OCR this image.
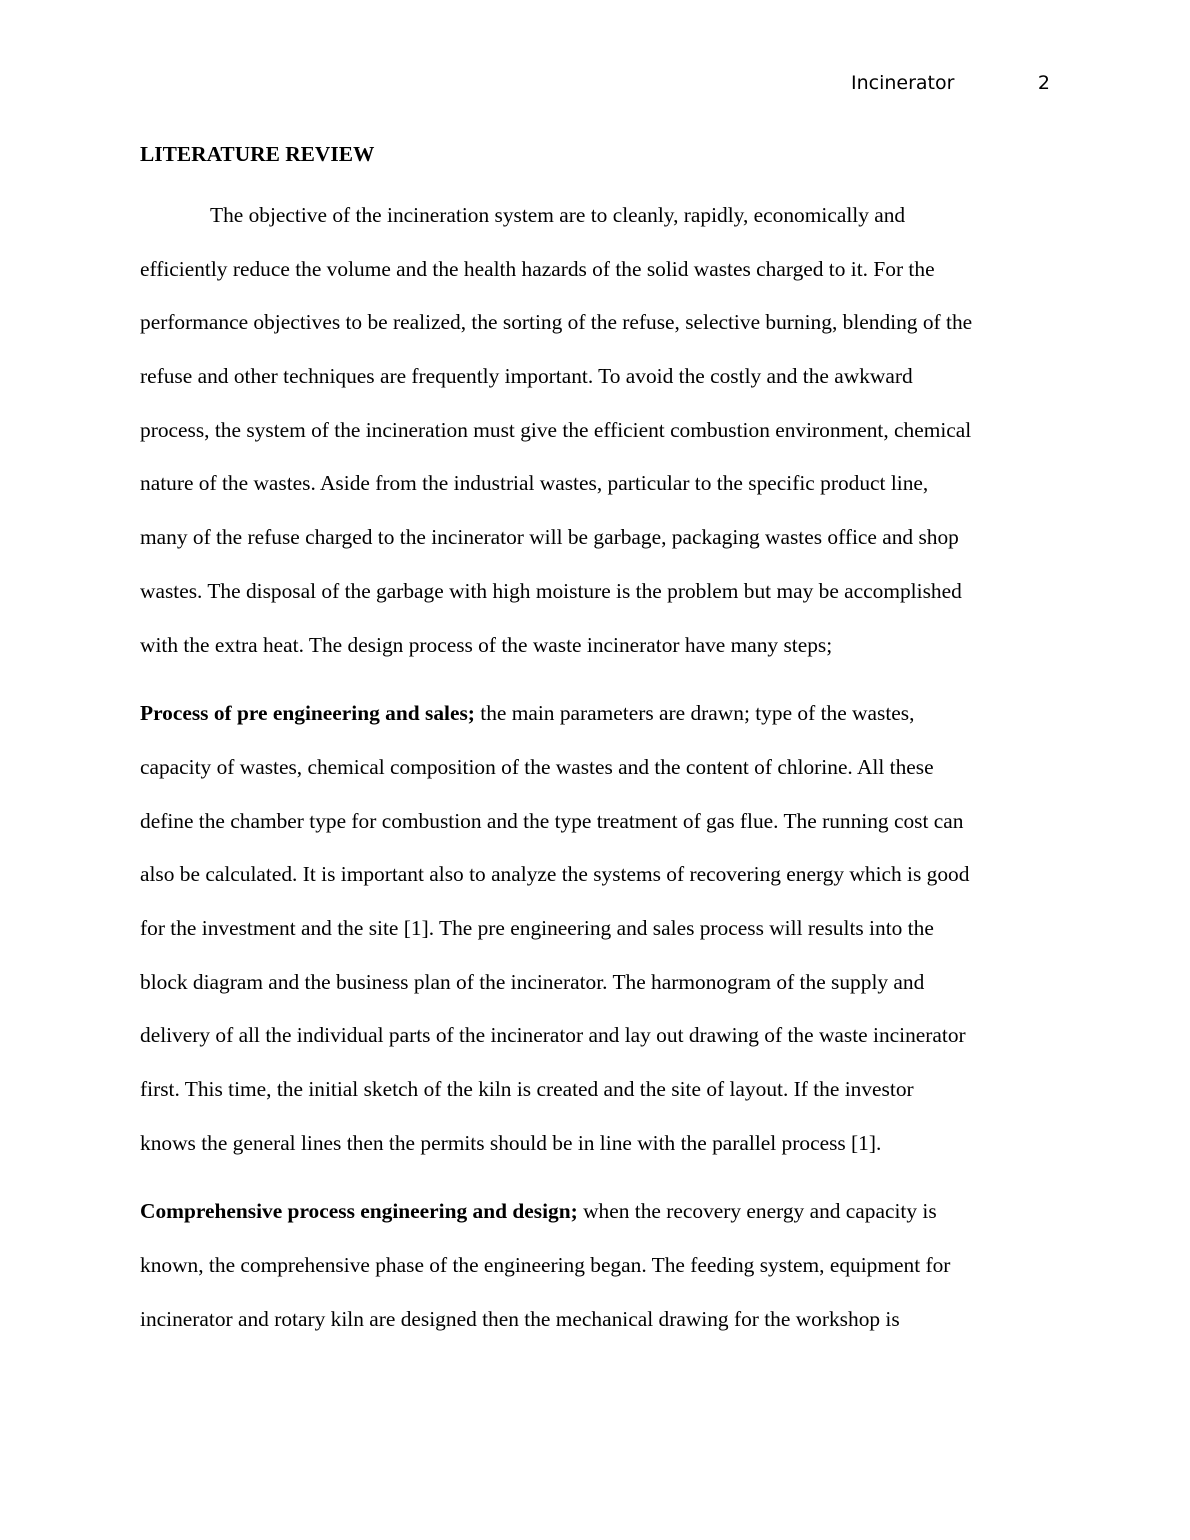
Incinerator	2
LITERATURE REVIEW
The objective of the incineration system are to cleanly, rapidly, economically and
efficiently reduce the volume and the health hazards of the solid wastes charged to it. For the
performance objectives to be realized, the sorting of the refuse, selective burning, blending of the
refuse and other techniques are frequently important. To avoid the costly and the awkward
process, the system of the incineration must give the efficient combustion environment, chemical
nature of the wastes. Aside from the industrial wastes, particular to the specific product line,
many of the refuse charged to the incinerator will be garbage, packaging wastes office and shop
wastes. The disposal of the garbage with high moisture is the problem but may be accomplished
with the extra heat. The design process of the waste incinerator have many steps;
Process of pre engineering and sales; the main parameters are drawn; type of the wastes,
capacity of wastes, chemical composition of the wastes and the content of chlorine. All these
define the chamber type for combustion and the type treatment of gas flue. The running cost can
also be calculated. It is important also to analyze the systems of recovering energy which is good
for the investment and the site [1]. The pre engineering and sales process will results into the
block diagram and the business plan of the incinerator. The harmonogram of the supply and
delivery of all the individual parts of the incinerator and lay out drawing of the waste incinerator
first. This time, the initial sketch of the kiln is created and the site of layout. If the investor
knows the general lines then the permits should be in line with the parallel process [1].
Comprehensive process engineering and design; when the recovery energy and capacity is
known, the comprehensive phase of the engineering began. The feeding system, equipment for
incinerator and rotary kiln are designed then the mechanical drawing for the workshop is
